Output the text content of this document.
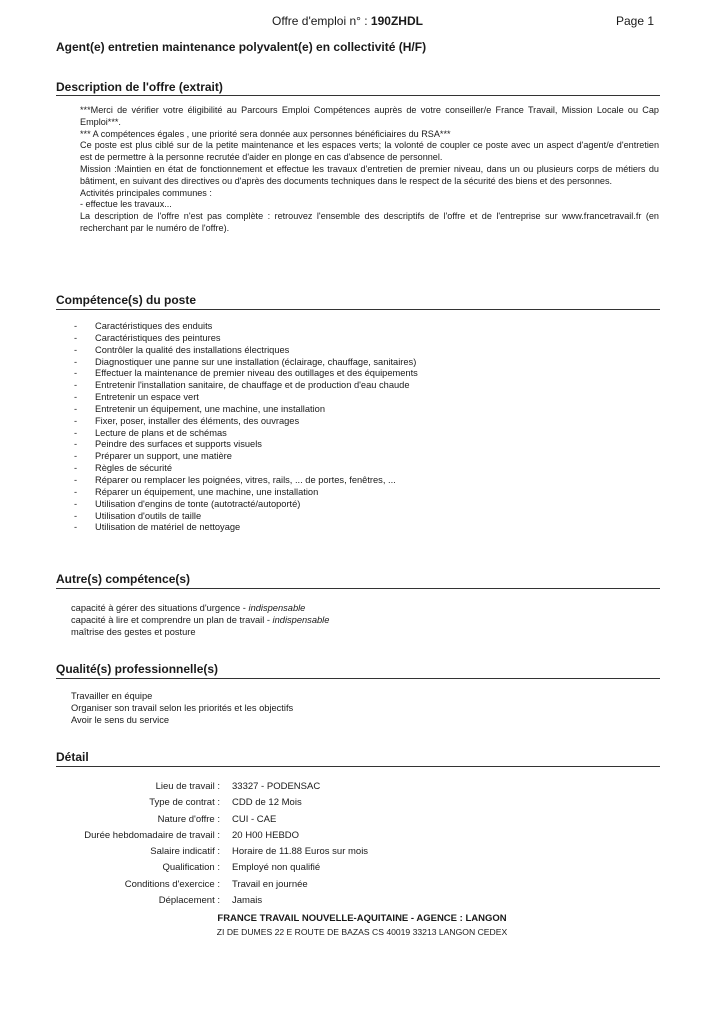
Offre d'emploi n° : 190ZHDL	Page 1
Agent(e) entretien maintenance polyvalent(e) en collectivité (H/F)
Description de l'offre (extrait)

***Merci de vérifier votre éligibilité au Parcours Emploi Compétences auprès de votre conseiller/e France Travail, Mission Locale ou Cap Emploi***.

*** A compétences égales , une priorité sera donnée aux personnes bénéficiaires du RSA***

Ce poste est plus ciblé sur de la petite maintenance et les espaces verts; la volonté de coupler ce poste avec un aspect d'agent/e d'entretien est de permettre à la personne recrutée d'aider en plonge en cas d'absence de personnel.

Mission :Maintien en état de fonctionnement et effectue les travaux d'entretien de premier niveau, dans un ou plusieurs corps de métiers du bâtiment, en suivant des directives ou d'après des documents techniques dans le respect de la sécurité des biens et des personnes.

Activités principales communes :

- effectue les travaux...

La description de l'offre n'est pas complète : retrouvez l'ensemble des descriptifs de l'offre et de l'entreprise sur www.francetravail.fr (en recherchant par le numéro de l'offre).

Compétence(s) du poste
- Caractéristiques des enduits
- Caractéristiques des peintures
- Contrôler la qualité des installations électriques
- Diagnostiquer une panne sur une installation (éclairage, chauffage, sanitaires)
- Effectuer la maintenance de premier niveau des outillages et des équipements
- Entretenir l'installation sanitaire, de chauffage et de production d'eau chaude
- Entretenir un espace vert
- Entretenir un équipement, une machine, une installation
- Fixer, poser, installer des éléments, des ouvrages
- Lecture de plans et de schémas
- Peindre des surfaces et supports visuels
- Préparer un support, une matière
- Règles de sécurité
- Réparer ou remplacer les poignées, vitres, rails, ... de portes, fenêtres, ...
- Réparer un équipement, une machine, une installation
- Utilisation d'engins de tonte (autotracté/autoporté)
- Utilisation d'outils de taille
- Utilisation de matériel de nettoyage
Autre(s) compétence(s)
capacité à gérer des situations d'urgence - indispensable
capacité à lire et comprendre un plan de travail - indispensable
maîtrise des gestes et posture
Qualité(s) professionnelle(s)
Travailler en équipe
Organiser son travail selon les priorités et les objectifs
Avoir le sens du service
Détail
Lieu de travail : 33327 - PODENSAC
Type de contrat : CDD de 12 Mois
Nature d'offre : CUI - CAE
Durée hebdomadaire de travail : 20 H00 HEBDO
Salaire indicatif : Horaire de 11.88 Euros sur mois
Qualification : Employé non qualifié
Conditions d'exercice : Travail en journée
Déplacement : Jamais
FRANCE TRAVAIL NOUVELLE-AQUITAINE - AGENCE : LANGON
ZI DE DUMES 22 E ROUTE DE BAZAS CS 40019 33213 LANGON CEDEX
